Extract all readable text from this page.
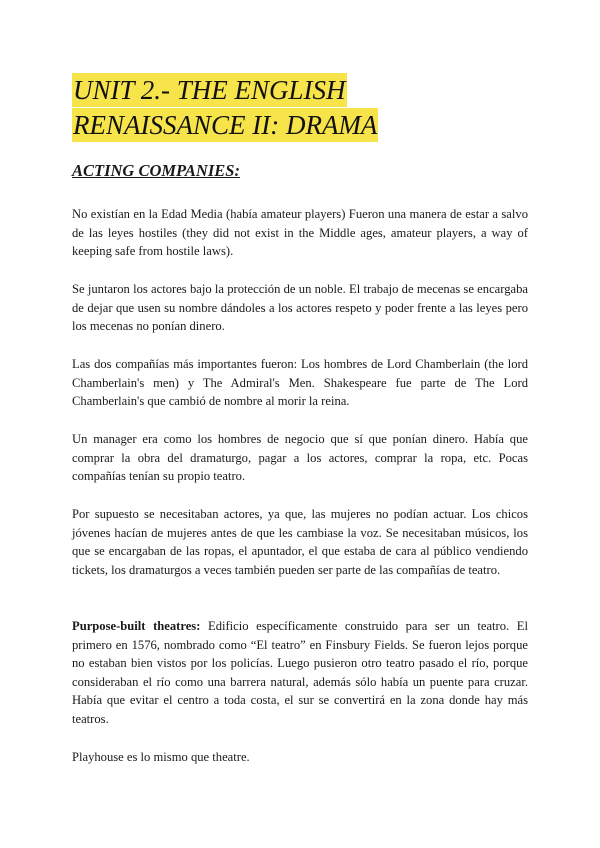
UNIT 2.- THE ENGLISH
RENAISSANCE II: DRAMA
ACTING COMPANIES:

No existían en la Edad Media (había amateur players) Fueron una manera de estar a salvo de las leyes hostiles (they did not exist in the Middle ages, amateur players, a way of keeping safe from hostile laws).

Se juntaron los actores bajo la protección de un noble. El trabajo de mecenas se encargaba de dejar que usen su nombre dándoles a los actores respeto y poder frente a las leyes pero los mecenas no ponían dinero.

Las dos compañías más importantes fueron: Los hombres de Lord Chamberlain (the lord Chamberlain's men) y The Admiral's Men. Shakespeare fue parte de The Lord Chamberlain's que cambió de nombre al morir la reina.

Un manager era como los hombres de negocio que sí que ponían dinero. Había que comprar la obra del dramaturgo, pagar a los actores, comprar la ropa, etc. Pocas compañías tenían su propio teatro.

Por supuesto se necesitaban actores, ya que, las mujeres no podían actuar. Los chicos jóvenes hacían de mujeres antes de que les cambiase la voz. Se necesitaban músicos, los que se encargaban de las ropas, el apuntador, el que estaba de cara al público vendiendo tickets, los dramaturgos a veces también pueden ser parte de las compañías de teatro.

Purpose-built theatres: Edificio específicamente construido para ser un teatro. El primero en 1576, nombrado como “El teatro” en Finsbury Fields. Se fueron lejos porque no estaban bien vistos por los policías. Luego pusieron otro teatro pasado el río, porque consideraban el río como una barrera natural, además sólo había un puente para cruzar. Había que evitar el centro a toda costa, el sur se convertirá en la zona donde hay más teatros.

Playhouse es lo mismo que theatre.
